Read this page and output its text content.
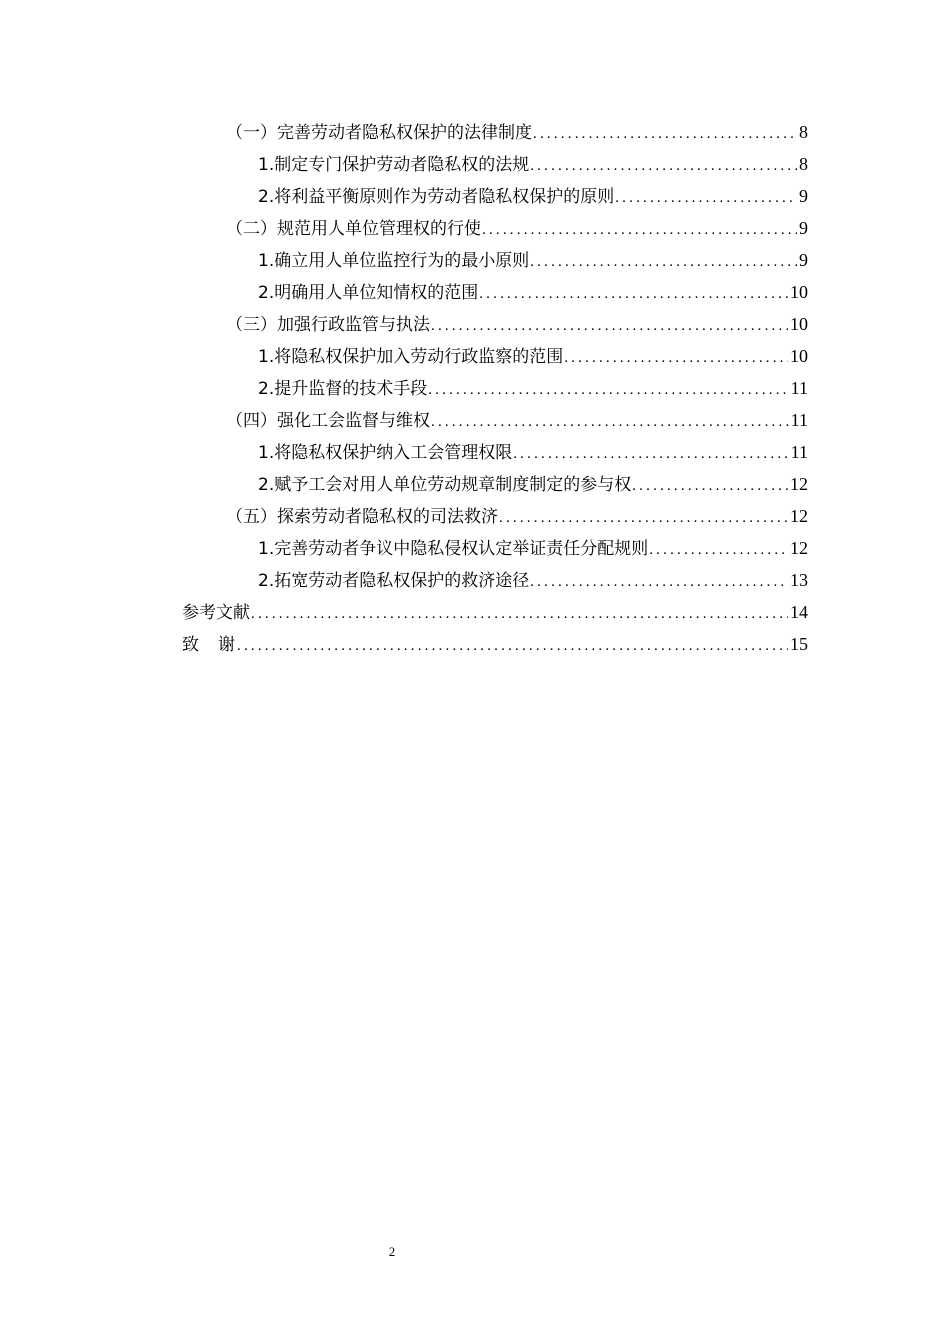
（一）完善劳动者隐私权保护的法律制度 .....	8
1.制定专门保护劳动者隐私权的法规 .....	8
2.将利益平衡原则作为劳动者隐私权保护的原则 .....	9
（二）规范用人单位管理权的行使 .....	9
1.确立用人单位监控行为的最小原则 .....	9
2.明确用人单位知情权的范围 .....	10
（三）加强行政监管与执法 .....	10
1.将隐私权保护加入劳动行政监察的范围 .....	10
2.提升监督的技术手段 .....	11
（四）强化工会监督与维权 .....	11
1.将隐私权保护纳入工会管理权限 .....	11
2.赋予工会对用人单位劳动规章制度制定的参与权 .....	12
（五）探索劳动者隐私权的司法救济 .....	12
1.完善劳动者争议中隐私侵权认定举证责任分配规则 .....	12
2.拓宽劳动者隐私权保护的救济途径 .....	13
参考文献 .....	14
致　谢 .....	15
2
